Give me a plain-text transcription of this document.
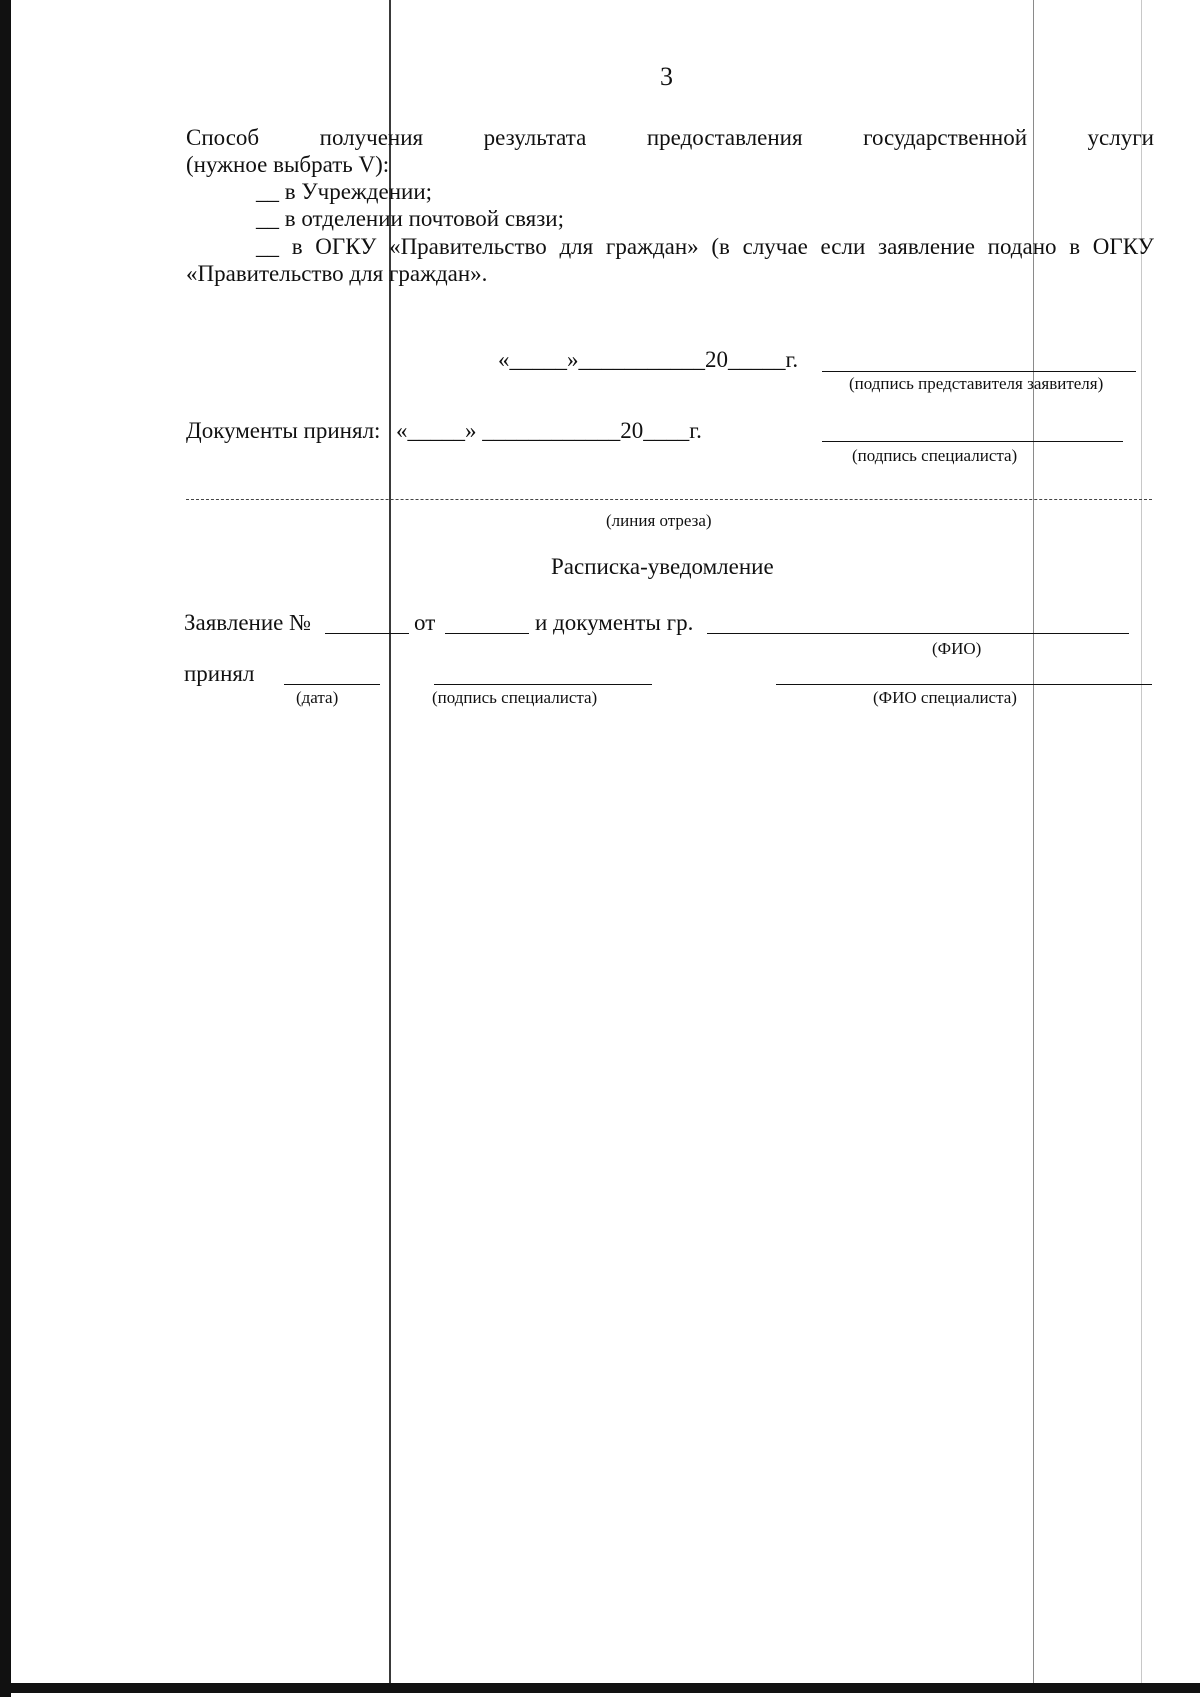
3
Способ	получения	результата	предоставления	государственной	услуги
(нужное выбрать V):
__ в Учреждении;
__ в отделении почтовой связи;
__ в ОГКУ «Правительство для граждан» (в случае если заявление подано в ОГКУ
«Правительство для граждан».
«_____»___________20_____г.
(подпись представителя заявителя)
Документы принял: «_____» ____________20____г.
(подпись специалиста)
(линия отреза)
Расписка-уведомление
Заявление №	от	и документы гр.
(ФИО)
принял
(дата)	(подпись специалиста)	(ФИО специалиста)
